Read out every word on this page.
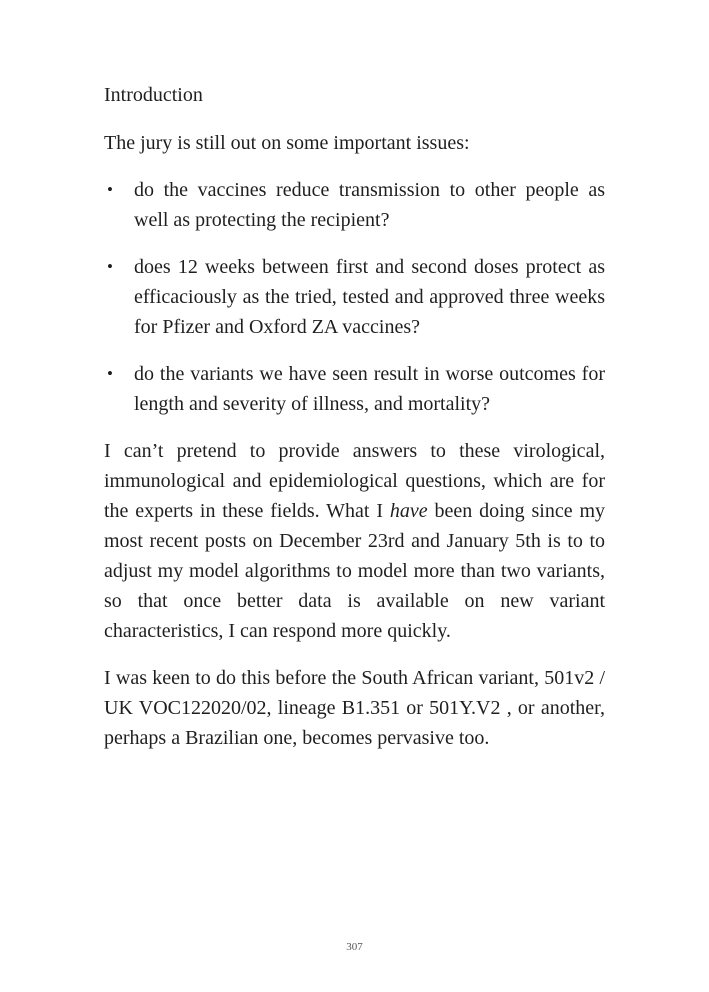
Introduction

The jury is still out on some important issues:

• do the vaccines reduce transmission to other people as well as protecting the recipient?
• does 12 weeks between first and second doses protect as efficaciously as the tried, tested and approved three weeks for Pfizer and Oxford ZA vaccines?
• do the variants we have seen result in worse outcomes for length and severity of illness, and mortality?

I can’t pretend to provide answers to these virological, immunological and epidemiological questions, which are for the experts in these fields. What I have been doing since my most recent posts on December 23rd and January 5th is to to adjust my model algorithms to model more than two variants, so that once better data is available on new variant characteristics, I can respond more quickly.

I was keen to do this before the South African variant, 501v2 / UK VOC122020/02, lineage B1.351 or 501Y.V2 , or another, perhaps a Brazilian one, becomes pervasive too.

307
